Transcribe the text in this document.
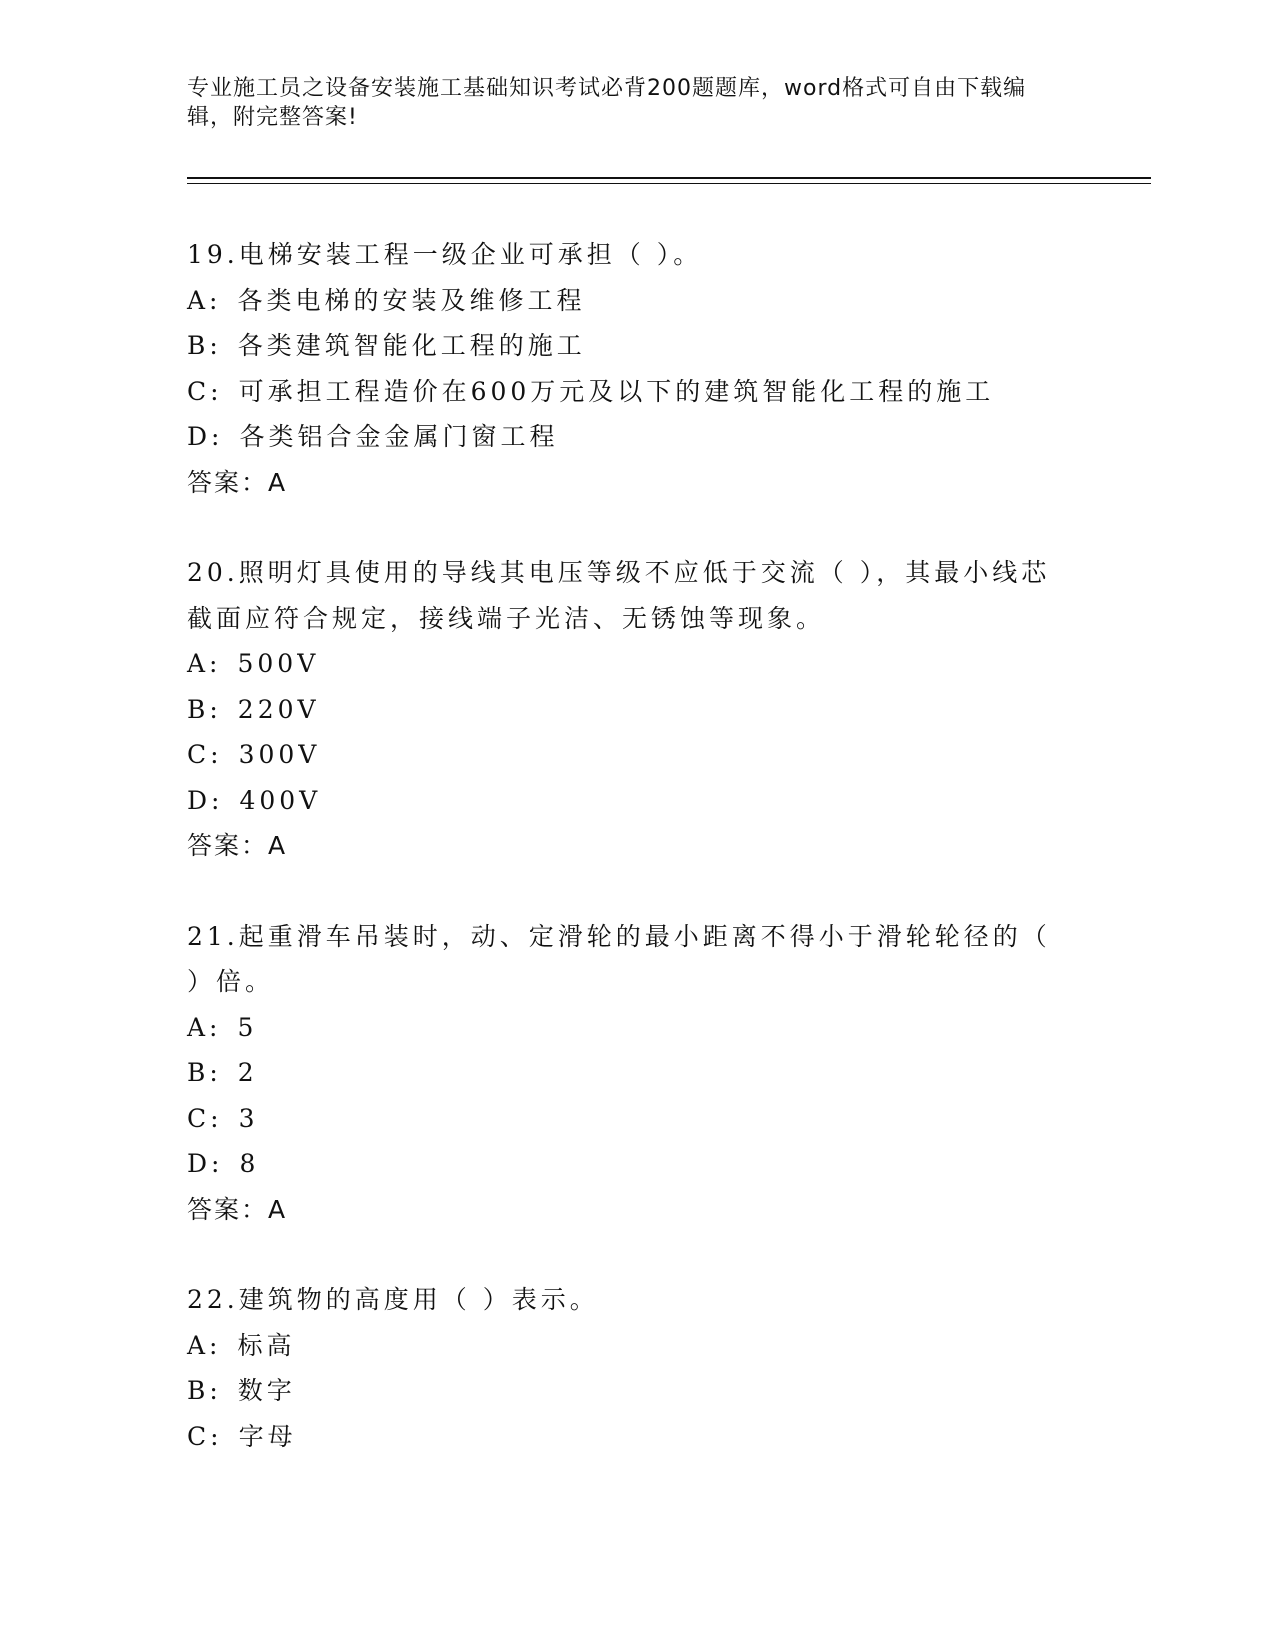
专业施工员之设备安装施工基础知识考试必背200题题库，word格式可自由下载编辑，附完整答案!
19.电梯安装工程一级企业可承担（ ）。
A: 各类电梯的安装及维修工程
B: 各类建筑智能化工程的施工
C: 可承担工程造价在600万元及以下的建筑智能化工程的施工
D: 各类铝合金金属门窗工程
答案：A
20.照明灯具使用的导线其电压等级不应低于交流（ ），其最小线芯截面应符合规定，接线端子光洁、无锈蚀等现象。
A: 500V
B: 220V
C: 300V
D: 400V
答案：A
21.起重滑车吊装时，动、定滑轮的最小距离不得小于滑轮轮径的（ ）倍。
A: 5
B: 2
C: 3
D: 8
答案：A
22.建筑物的高度用（ ）表示。
A: 标高
B: 数字
C: 字母
